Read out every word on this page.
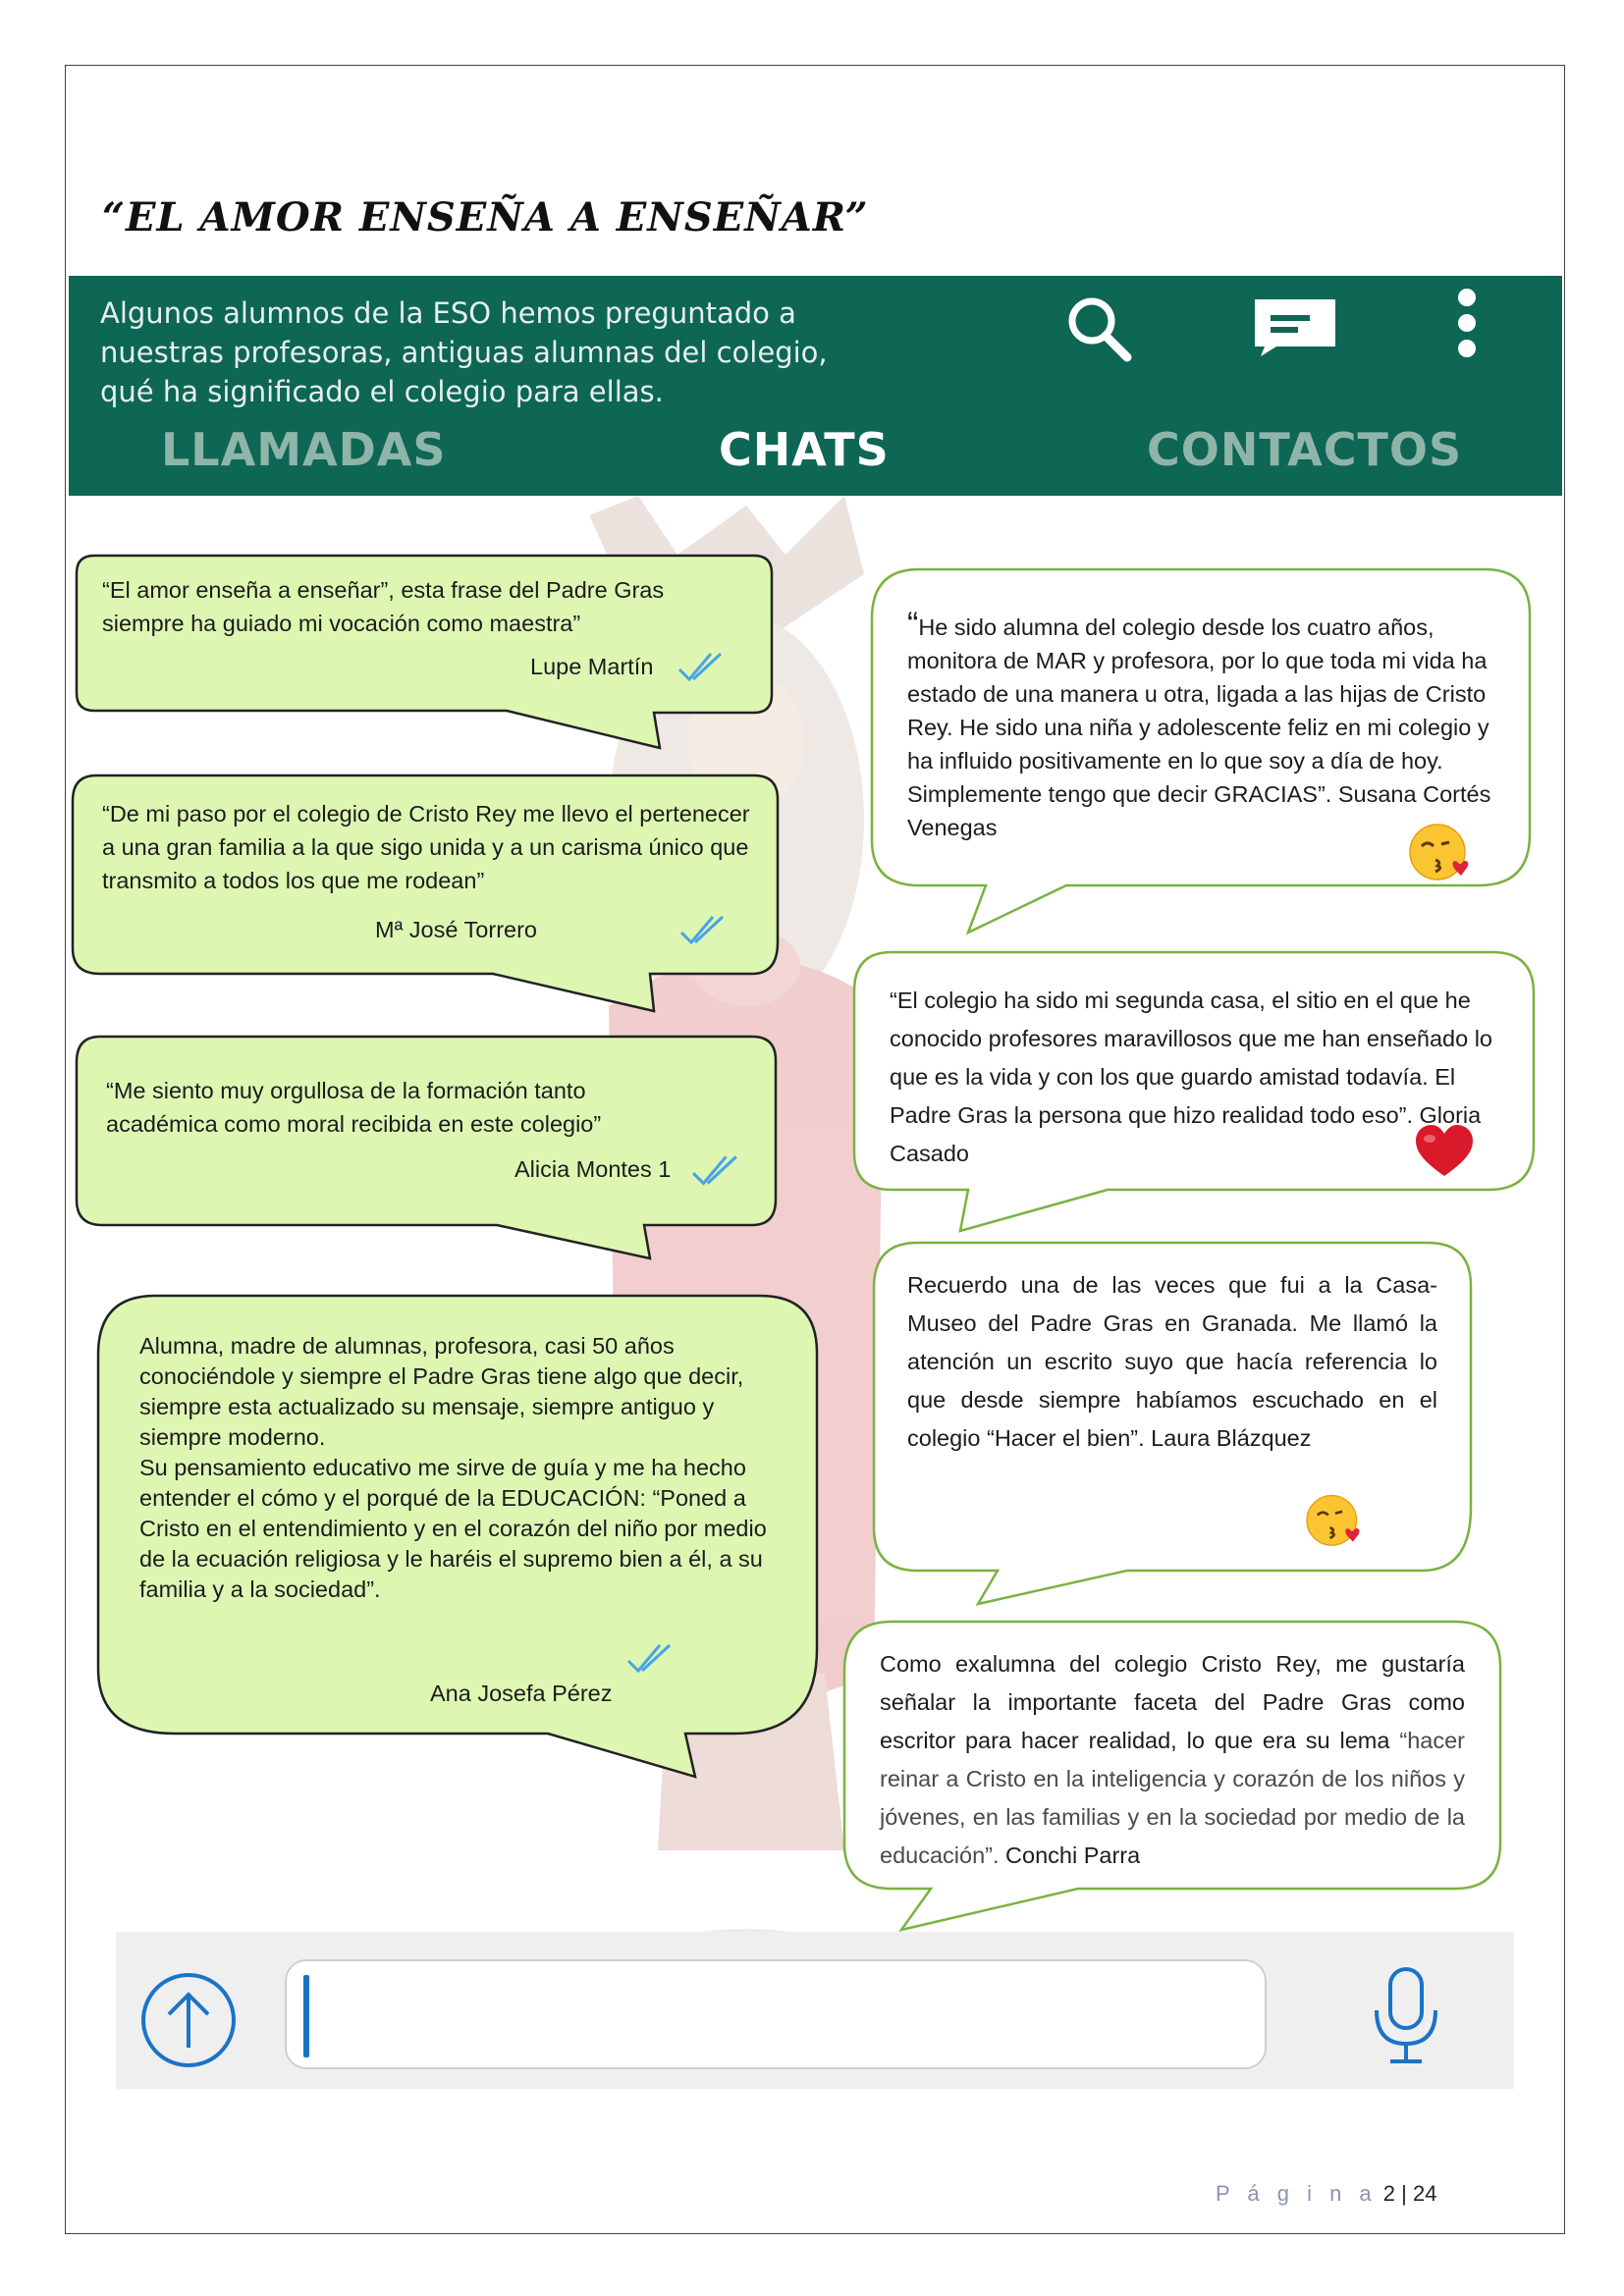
“EL AMOR ENSEÑA A ENSEÑAR”
Algunos alumnos de la ESO hemos preguntado a
nuestras profesoras, antiguas alumnas del colegio,
qué ha significado el colegio para ellas.
LLAMADAS	CHATS	CONTACTOS
“El amor enseña a enseñar”, esta frase del Padre Gras siempre ha guiado mi vocación como maestra”
Lupe Martín
“De mi paso por el colegio de Cristo Rey me llevo el pertenecer a una gran familia a la que sigo unida y a un carisma único que transmito a todos los que me rodean”
Mª José Torrero
“Me siento muy orgullosa de la formación tanto académica como moral recibida en este colegio”
Alicia Montes 1
Alumna, madre de alumnas, profesora, casi 50 años conociéndole y siempre el Padre Gras tiene algo que decir, siempre esta actualizado su mensaje, siempre antiguo y siempre moderno.
Su pensamiento educativo me sirve de guía y me ha hecho entender el cómo y el porqué de la EDUCACIÓN: “Poned a Cristo en el entendimiento y en el corazón del niño por medio de la ecuación religiosa y le haréis el supremo bien a él, a su familia y a la sociedad”.
Ana Josefa Pérez
“He sido alumna del colegio desde los cuatro años, monitora de MAR y profesora, por lo que toda mi vida ha estado de una manera u otra, ligada a las hijas de Cristo Rey. He sido una niña y adolescente feliz en mi colegio y ha influido positivamente en lo que soy a día de hoy. Simplemente tengo que decir GRACIAS”. Susana Cortés Venegas
“El colegio ha sido mi segunda casa, el sitio en el que he conocido profesores maravillosos que me han enseñado lo que es la vida y con los que guardo amistad todavía. El Padre Gras la persona que hizo realidad todo eso”. Gloria Casado
Recuerdo una de las veces que fui a la Casa-Museo del Padre Gras en Granada. Me llamó la atención un escrito suyo que hacía referencia lo que desde siempre habíamos escuchado en el colegio “Hacer el bien”. Laura Blázquez
Como exalumna del colegio Cristo Rey, me gustaría señalar la importante faceta del Padre Gras como escritor para hacer realidad, lo que era su lema “hacer reinar a Cristo en la inteligencia y corazón de los niños y jóvenes, en las familias y en la sociedad por medio de la educación”. Conchi Parra
P á g i n a 2 | 24
